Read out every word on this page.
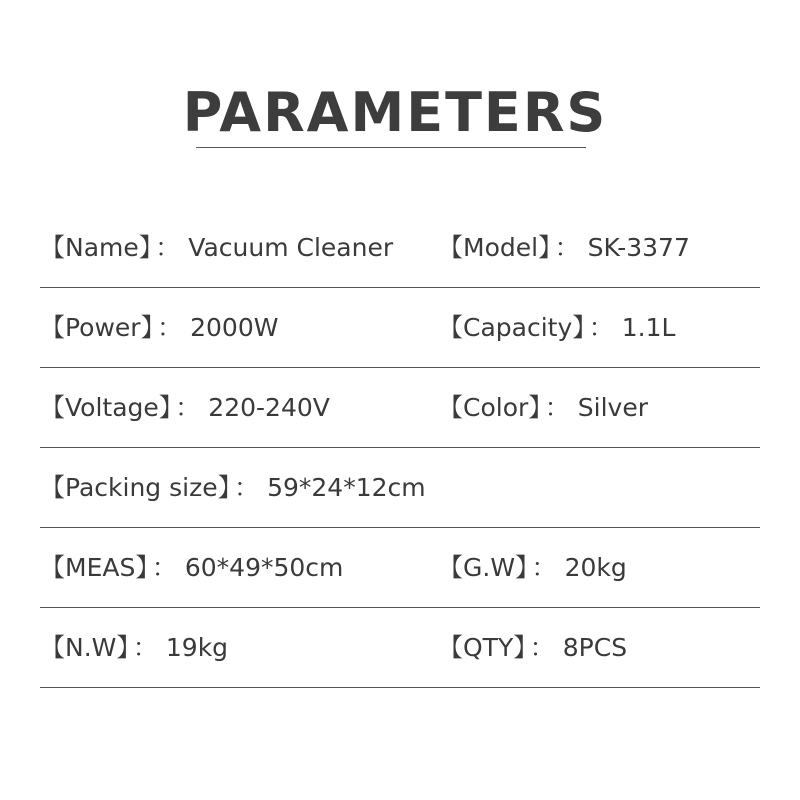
PARAMETERS
【Name】 ： Vacuum Cleaner 【Model】 ： SK-3377
【Power】 ： 2000W	【Capacity】 ： 1.1L
【Voltage】 ： 220-240V	【Color】 ： Silver
【Packing size】 ： 59*24*12cm
【MEAS】 ： 60*49*50cm	【G.W】 ： 20kg
【N.W】 ： 19kg	【QTY】 ： 8PCS
